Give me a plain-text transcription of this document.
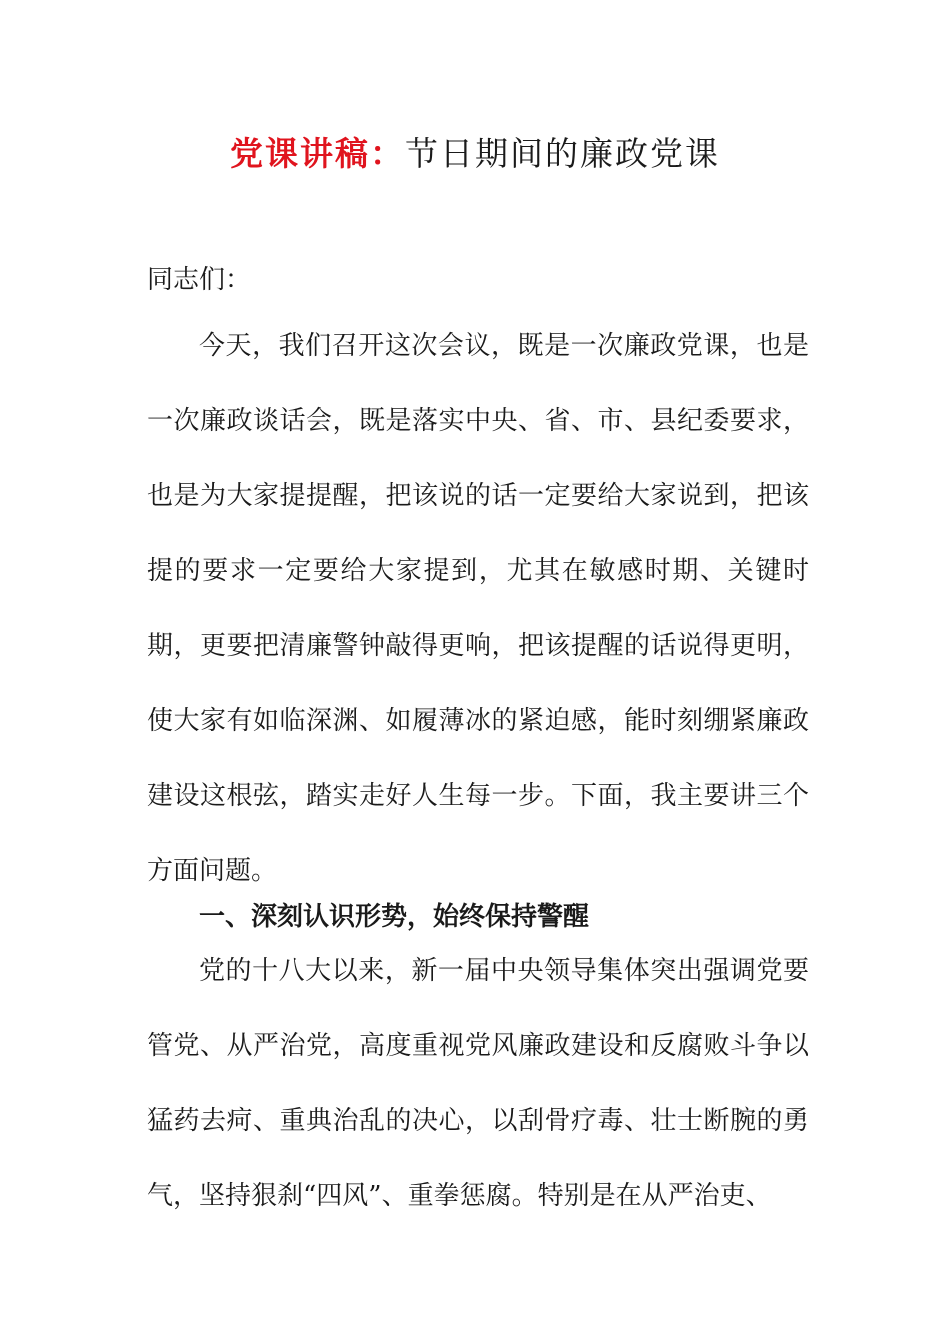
党课讲稿：节日期间的廉政党课
同志们：
今天，我们召开这次会议，既是一次廉政党课，也是一次廉政谈话会，既是落实中央、省、市、县纪委要求，也是为大家提提醒，把该说的话一定要给大家说到，把该提的要求一定要给大家提到，尤其在敏感时期、关键时期，更要把清廉警钟敲得更响，把该提醒的话说得更明，使大家有如临深渊、如履薄冰的紧迫感，能时刻绷紧廉政建设这根弦，踏实走好人生每一步。下面，我主要讲三个方面问题。
一、深刻认识形势，始终保持警醒
党的十八大以来，新一届中央领导集体突出强调党要管党、从严治党，高度重视党风廉政建设和反腐败斗争以猛药去疴、重典治乱的决心，以刮骨疗毒、壮士断腕的勇气，坚持狠刹“四风”、重拳惩腐。特别是在从严治吏、
